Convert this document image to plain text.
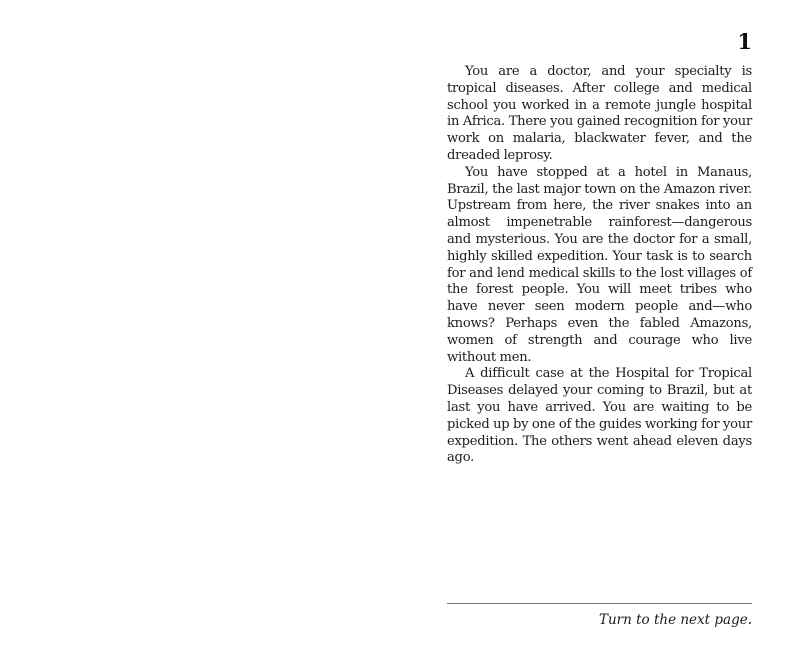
1

You are a doctor, and your specialty is tropical diseases. After college and medical school you worked in a remote jungle hospital in Africa. There you gained recognition for your work on malaria, blackwater fever, and the dreaded leprosy.

You have stopped at a hotel in Manaus, Brazil, the last major town on the Amazon river. Upstream from here, the river snakes into an almost impenetrable rainforest—dangerous and mysterious. You are the doctor for a small, highly skilled expedition. Your task is to search for and lend medical skills to the lost villages of the forest people. You will meet tribes who have never seen modern people and—who knows? Perhaps even the fabled Amazons, women of strength and courage who live without men.

A difficult case at the Hospital for Tropical Diseases delayed your coming to Brazil, but at last you have arrived. You are waiting to be picked up by one of the guides working for your expedition. The others went ahead eleven days ago.

Turn to the next page.
